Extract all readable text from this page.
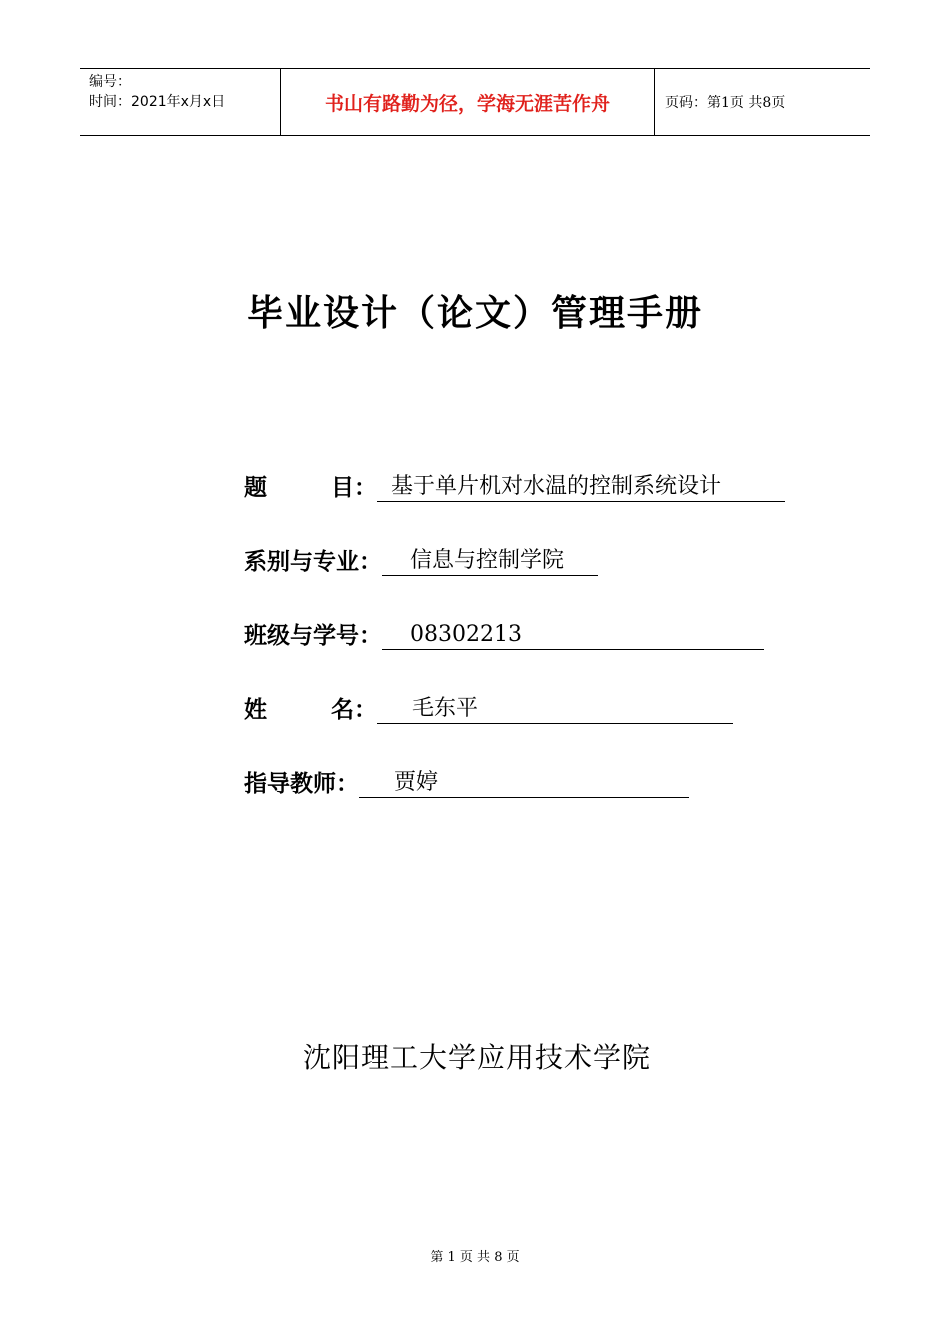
编号：
时间：2021年x月x日	书山有路勤为径，学海无涯苦作舟	页码：第1页 共8页
毕业设计（论文）管理手册
题        目： 基于单片机对水温的控制系统设计
系别与专业： 信息与控制学院
班级与学号： 08302213
姓        名： 毛东平
指导教师： 贾婷
沈阳理工大学应用技术学院
第 1 页 共 8 页
